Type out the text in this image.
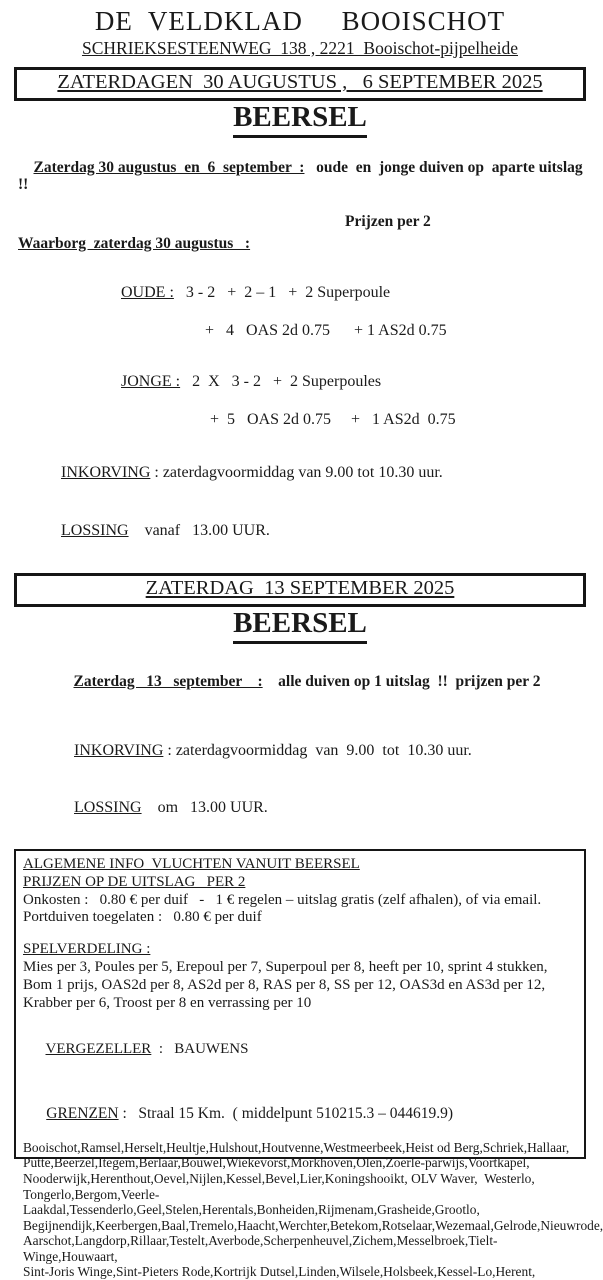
DE  VELDKLAD     BOOISCHOT
SCHRIEKSESTEENWEG  138 , 2221  Booischot-pijpelheide
ZATERDAGEN  30 AUGUSTUS ,   6 SEPTEMBER 2025
BEERSEL

Zaterdag 30 augustus  en  6  september  :   oude  en  jonge duiven op  aparte uitslag  !!

Prijzen per 2
Waarborg  zaterdag 30 augustus   :

OUDE :   3 - 2   +  2 – 1   +  2 Superpoule

+   4   OAS 2d 0.75      + 1 AS2d 0.75

JONGE :   2  X   3 - 2   +  2 Superpoules

+  5   OAS 2d 0.75     +   1 AS2d  0.75

INKORVING : zaterdagvoormiddag van 9.00 tot 10.30 uur.

LOSSING    vanaf   13.00 UUR.

ZATERDAG  13 SEPTEMBER 2025
BEERSEL

Zaterdag   13   september    :    alle duiven op 1 uitslag  !!  prijzen per 2

INKORVING : zaterdagvoormiddag  van  9.00  tot  10.30 uur.

LOSSING    om   13.00 UUR.

ALGEMENE INFO  VLUCHTEN VANUIT BEERSEL
PRIJZEN OP DE UITSLAG   PER 2
Onkosten :   0.80 € per duif   -   1 € regelen – uitslag gratis (zelf afhalen), of via email.
Portduiven toegelaten :   0.80 € per duif
SPELVERDELING :
Mies per 3, Poules per 5, Erepoul per 7, Superpoul per 8, heeft per 10, sprint 4 stukken,
Bom 1 prijs, OAS2d per 8, AS2d per 8, RAS per 8, SS per 12, OAS3d en AS3d per 12,
Krabber per 6, Troost per 8 en verrassing per 10

VERGEZELLER  :   BAUWENS

GRENZEN :   Straal 15 Km.  ( middelpunt 510215.3 – 044619.9)

Booischot,Ramsel,Herselt,Heultje,Hulshout,Houtvenne,Westmeerbeek,Heist od Berg,Schriek,Hallaar,
Putte,Beerzel,Itegem,Berlaar,Bouwel,Wiekevorst,Morkhoven,Olen,Zoerle-parwijs,Voortkapel,
Nooderwijk,Herenthout,Oevel,Nijlen,Kessel,Bevel,Lier,Koningshooikt, OLV Waver,  Westerlo,
Tongerlo,Bergom,Veerle-Laakdal,Tessenderlo,Geel,Stelen,Herentals,Bonheiden,Rijmenam,Grasheide,Grootlo,
Begijnendijk,Keerbergen,Baal,Tremelo,Haacht,Werchter,Betekom,Rotselaar,Wezemaal,Gelrode,Nieuwrode,
Aarschot,Langdorp,Rillaar,Testelt,Averbode,Scherpenheuvel,Zichem,Messelbroek,Tielt-Winge,Houwaart,
Sint-Joris Winge,Sint-Pieters Rode,Kortrijk Dutsel,Linden,Wilsele,Holsbeek,Kessel-Lo,Herent,
